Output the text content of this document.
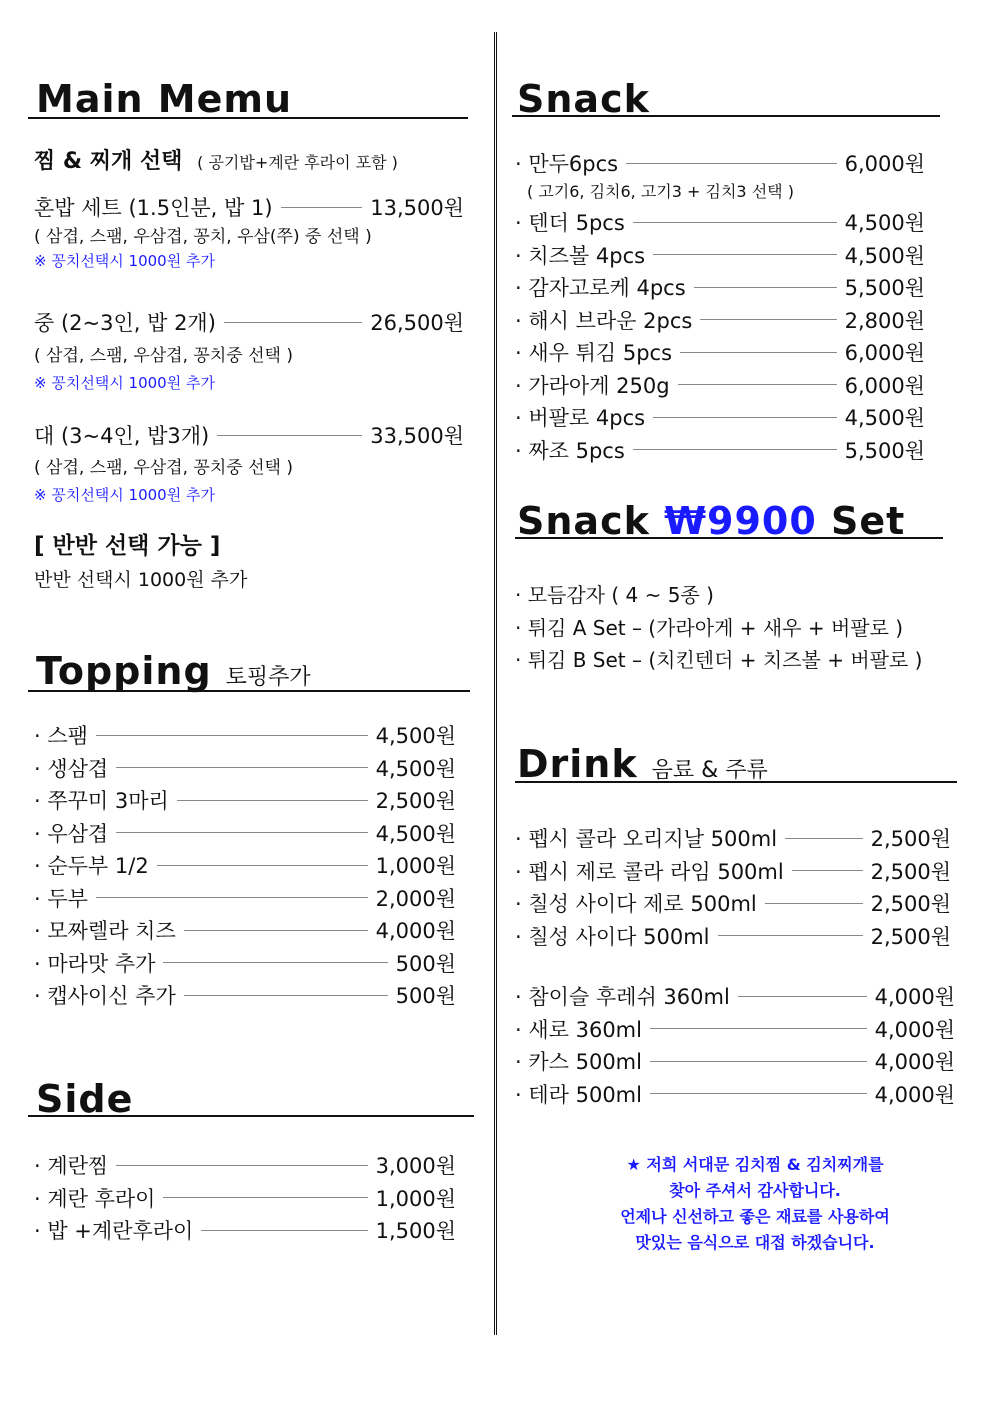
Main Memu
찜 & 찌개 선택 ( 공기밥+계란 후라이 포함 )
혼밥 세트 (1.5인분, 밥 1)	13,500원
( 삼겹, 스팸, 우삼겹, 꽁치, 우삼(쭈) 중 선택 )
※ 꽁치선택시 1000원 추가
중 (2~3인, 밥 2개)	26,500원
( 삼겹, 스팸, 우삼겹, 꽁치중 선택 )
※ 꽁치선택시 1000원 추가
대 (3~4인, 밥3개)	33,500원
( 삼겹, 스팸, 우삼겹, 꽁치중 선택 )
※ 꽁치선택시 1000원 추가
[ 반반 선택 가능 ]
반반 선택시 1000원 추가
Topping 토핑추가
· 스팸	4,500원
· 생삼겹	4,500원
· 쭈꾸미 3마리	2,500원
· 우삼겹	4,500원
· 순두부 1/2	1,000원
· 두부	2,000원
· 모짜렐라 치즈	4,000원
· 마라맛 추가	500원
· 캡사이신 추가	500원
Side
· 계란찜	3,000원
· 계란 후라이	1,000원
· 밥 +계란후라이	1,500원
Snack
· 만두6pcs	6,000원
( 고기6, 김치6, 고기3 + 김치3 선택 )
· 텐더 5pcs	4,500원
· 치즈볼 4pcs	4,500원
· 감자고로케 4pcs	5,500원
· 해시 브라운 2pcs	2,800원
· 새우 튀김 5pcs	6,000원
· 가라아게 250g	6,000원
· 버팔로 4pcs	4,500원
· 짜조 5pcs	5,500원
Snack ₩9900 Set
· 모듬감자 ( 4 ~ 5종 )
· 튀김 A Set – (가라아게 + 새우 + 버팔로 )
· 튀김 B Set – (치킨텐더 + 치즈볼 + 버팔로 )
Drink 음료 & 주류
· 펩시 콜라 오리지날 500ml	2,500원
· 펩시 제로 콜라 라임 500ml	2,500원
· 칠성 사이다 제로 500ml	2,500원
· 칠성 사이다 500ml	2,500원
· 참이슬 후레쉬 360ml	4,000원
· 새로 360ml	4,000원
· 카스 500ml	4,000원
· 테라 500ml	4,000원
★ 저희 서대문 김치찜 & 김치찌개를
찾아 주셔서 감사합니다.
언제나 신선하고 좋은 재료를 사용하여
맛있는 음식으로 대접 하겠습니다.
